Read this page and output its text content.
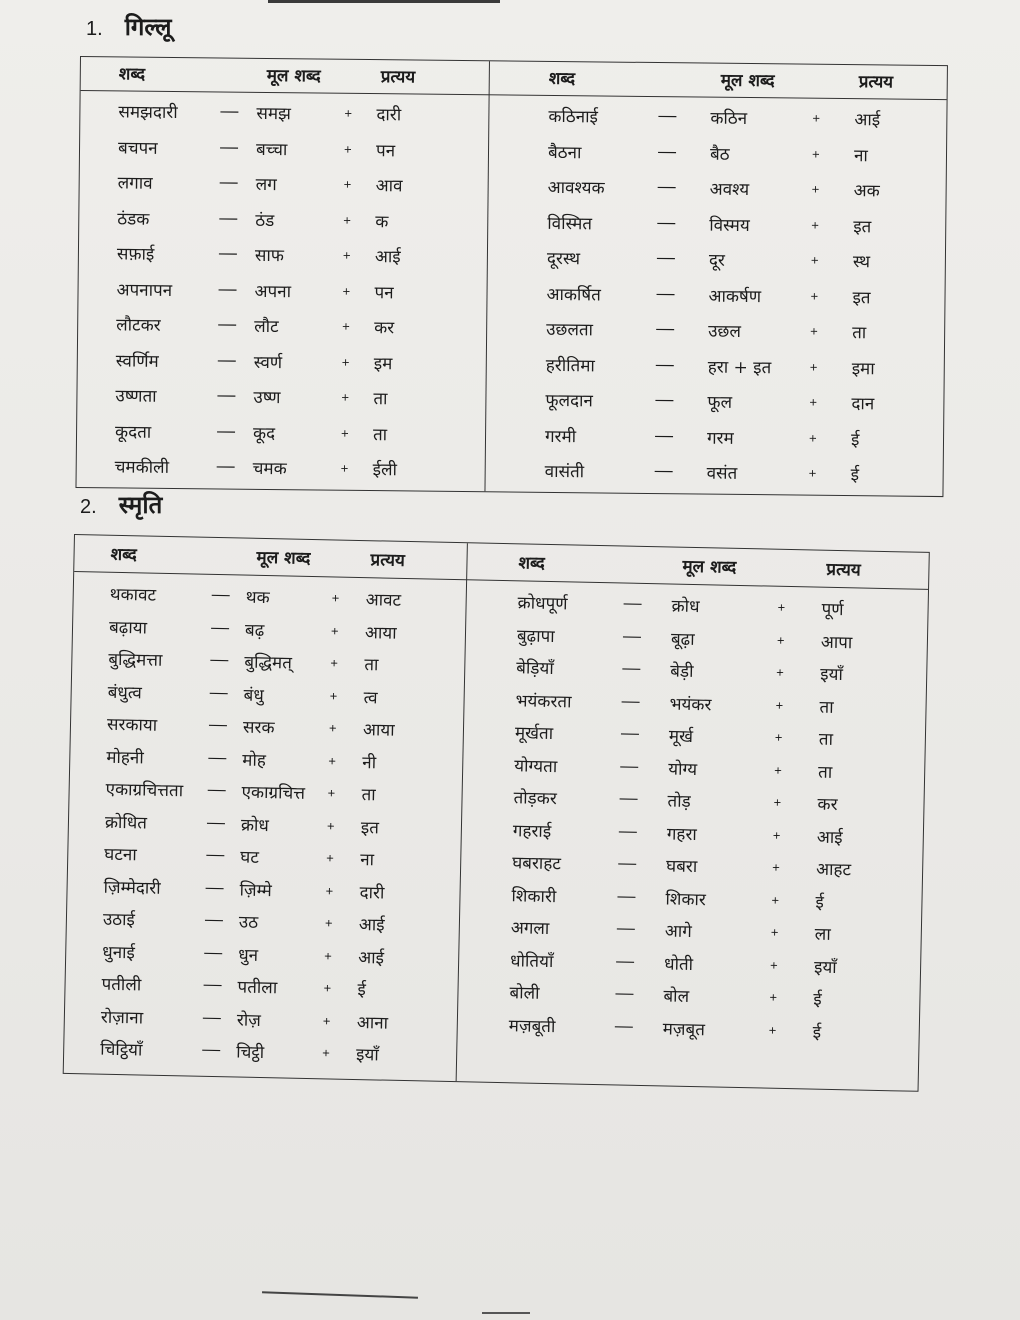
1. गिल्लू
शब्द	मूल शब्द	प्रत्यय
समझदारी — समझ	+ दारी
बचपन	— बच्चा	+ पन
लगाव	— लग	+ आव
ठंडक	— ठंड	+ क
सफ़ाई	— साफ	+ आई
अपनापन	— अपना	+ पन
लौटकर	— लौट	+ कर
स्वर्णिम	— स्वर्ण	+ इम
उष्णता	— उष्ण	+ ता
कूदता	— कूद	+ ता
चमकीली	— चमक	+ ईली
शब्द	मूल शब्द	प्रत्यय
कठिनाई	— कठिन	+ आई
बैठना	— बैठ	+ ना
आवश्यक	— अवश्य	+ अक
विस्मित	— विस्मय	+ इत
दूरस्थ	— दूर	+ स्थ
आकर्षित	— आकर्षण	+ इत
उछलता	— उछल	+ ता
हरीतिमा	— हरा + इत	+ इमा
फूलदान	— फूल	+ दान
गरमी	— गरम	+ ई
वासंती	— वसंत	+ ई
2. स्मृति
शब्द	मूल शब्द	प्रत्यय
थकावट	— थक	+ आवट
बढ़ाया	— बढ़	+ आया
बुद्धिमत्ता	— बुद्धिमत्	+ ता
बंधुत्व	— बंधु	+ त्व
सरकाया	— सरक	+ आया
मोहनी	— मोह	+ नी
एकाग्रचित्तता — एकाग्रचित्त + ता
क्रोधित	— क्रोध	+ इत
घटना	— घट	+ ना
ज़िम्मेदारी — ज़िम्मे	+ दारी
उठाई	— उठ	+ आई
धुनाई	— धुन	+ आई
पतीली	— पतीला	+ ई
रोज़ाना	— रोज़	+ आना
चिट्ठियाँ	— चिट्ठी	+ इयाँ
शब्द	मूल शब्द	प्रत्यय
क्रोधपूर्ण	— क्रोध	+ पूर्ण
बुढ़ापा	— बूढ़ा	+ आपा
बेड़ियाँ	— बेड़ी	+ इयाँ
भयंकरता	— भयंकर	+ ता
मूर्खता	— मूर्ख	+ ता
योग्यता	— योग्य	+ ता
तोड़कर	— तोड़	+ कर
गहराई	— गहरा	+ आई
घबराहट	— घबरा	+ आहट
शिकारी	— शिकार	+ ई
अगला	— आगे	+ ला
धोतियाँ	— धोती	+ इयाँ
बोली	— बोल	+ ई
मज़बूती	— मज़बूत	+ ई
